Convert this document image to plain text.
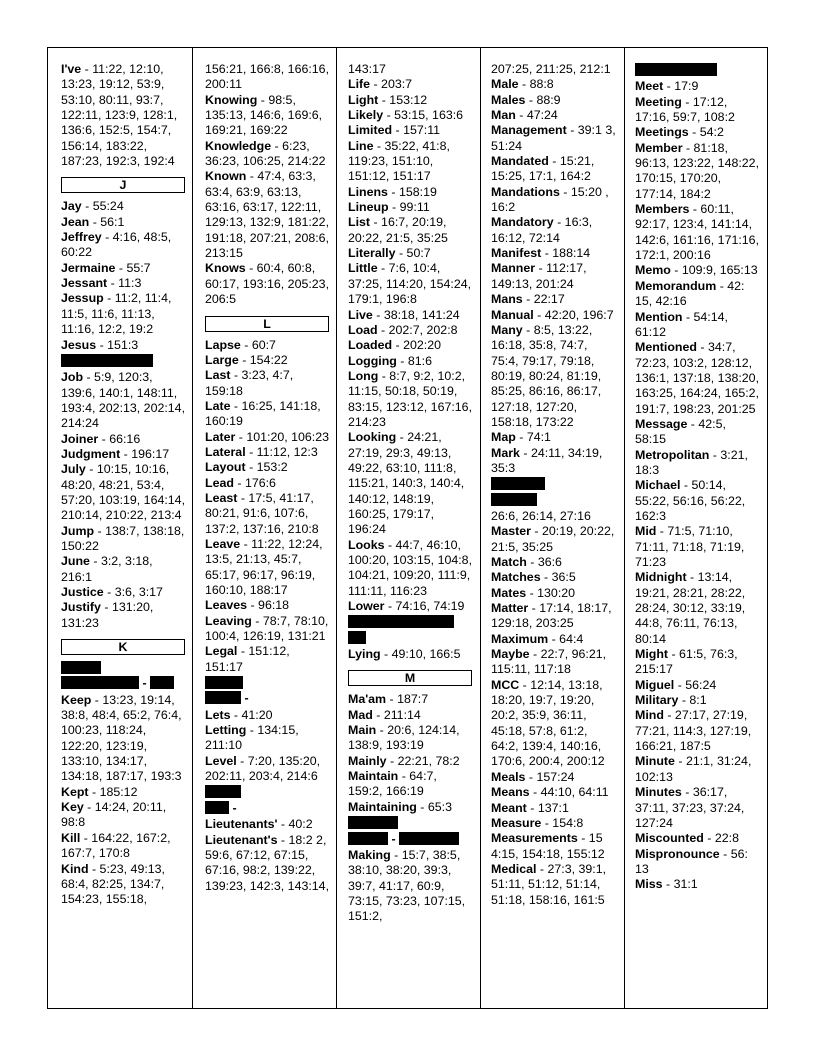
I've - 11:22, 12:10, 13:23, 19:12, 53:9, 53:10, 80:11, 93:7, 122:11, 123:9, 128:1, 136:6, 152:5, 154:7, 156:14, 183:22, 187:23, 192:3, 192:4

J

Jay - 55:24

Jean - 56:1

Jeffrey - 4:16, 48:5, 60:22

Jermaine - 55:7

Jessant - 11:3

Jessup - 11:2, 11:4, 11:5, 11:6, 11:13, 11:16, 12:2, 19:2

Jesus - 151:3

Job - 5:9, 120:3, 139:6, 140:1, 148:11, 193:4, 202:13, 202:14, 214:24

Joiner - 66:16

Judgment - 196:17

July - 10:15, 10:16, 48:20, 48:21, 53:4, 57:20, 103:19, 164:14, 210:14, 210:22, 213:4

Jump - 138:7, 138:18, 150:22

June - 3:2, 3:18, 216:1

Justice - 3:6, 3:17

Justify - 131:20, 131:23

K

-

Keep - 13:23, 19:14, 38:8, 48:4, 65:2, 76:4, 100:23, 118:24, 122:20, 123:19, 133:10, 134:17, 134:18, 187:17, 193:3

Kept - 185:12

Key - 14:24, 20:11, 98:8

Kill - 164:22, 167:2, 167:7, 170:8

Kind - 5:23, 49:13, 68:4, 82:25, 134:7, 154:23, 155:18,

156:21, 166:8, 166:16, 200:11

Knowing - 98:5, 135:13, 146:6, 169:6, 169:21, 169:22

Knowledge - 6:23, 36:23, 106:25, 214:22

Known - 47:4, 63:3, 63:4, 63:9, 63:13, 63:16, 63:17, 122:11, 129:13, 132:9, 181:22, 191:18, 207:21, 208:6, 213:15

Knows - 60:4, 60:8, 60:17, 193:16, 205:23, 206:5

L

Lapse - 60:7

Large - 154:22

Last - 3:23, 4:7, 159:18

Late - 16:25, 141:18, 160:19

Later - 101:20, 106:23

Lateral - 11:12, 12:3

Layout - 153:2

Lead - 176:6

Least - 17:5, 41:17, 80:21, 91:6, 107:6, 137:2, 137:16, 210:8

Leave - 11:22, 12:24, 13:5, 21:13, 45:7, 65:17, 96:17, 96:19, 160:10, 188:17

Leaves - 96:18

Leaving - 78:7, 78:10, 100:4, 126:19, 131:21

Legal - 151:12, 151:17

-

Lets - 41:20

Letting - 134:15, 211:10

Level - 7:20, 135:20, 202:11, 203:4, 214:6

-

Lieutenants' - 40:2

Lieutenant's - 18:2 2, 59:6, 67:12, 67:15, 67:16, 98:2, 139:22, 139:23, 142:3, 143:14,

143:17

Life - 203:7

Light - 153:12

Likely - 53:15, 163:6

Limited - 157:11

Line - 35:22, 41:8, 119:23, 151:10, 151:12, 151:17

Linens - 158:19

Lineup - 99:11

List - 16:7, 20:19, 20:22, 21:5, 35:25

Literally - 50:7

Little - 7:6, 10:4, 37:25, 114:20, 154:24, 179:1, 196:8

Live - 38:18, 141:24

Load - 202:7, 202:8

Loaded - 202:20

Logging - 81:6

Long - 8:7, 9:2, 10:2, 11:15, 50:18, 50:19, 83:15, 123:12, 167:16, 214:23

Looking - 24:21, 27:19, 29:3, 49:13, 49:22, 63:10, 111:8, 115:21, 140:3, 140:4, 140:12, 148:19, 160:25, 179:17, 196:24

Looks - 44:7, 46:10, 100:20, 103:15, 104:8, 104:21, 109:20, 111:9, 111:11, 116:23

Lower - 74:16, 74:19

Lying - 49:10, 166:5

M

Ma'am - 187:7

Mad - 211:14

Main - 20:6, 124:14, 138:9, 193:19

Mainly - 22:21, 78:2

Maintain - 64:7, 159:2, 166:19

Maintaining - 65:3

-

Making - 15:7, 38:5, 38:10, 38:20, 39:3, 39:7, 41:17, 60:9, 73:15, 73:23, 107:15, 151:2,

207:25, 211:25, 212:1

Male - 88:8

Males - 88:9

Man - 47:24

Management - 39:1 3, 51:24

Mandated - 15:21, 15:25, 17:1, 164:2

Mandations - 15:20 , 16:2

Mandatory - 16:3, 16:12, 72:14

Manifest - 188:14

Manner - 112:17, 149:13, 201:24

Mans - 22:17

Manual - 42:20, 196:7

Many - 8:5, 13:22, 16:18, 35:8, 74:7, 75:4, 79:17, 79:18, 80:19, 80:24, 81:19, 85:25, 86:16, 86:17, 127:18, 127:20, 158:18, 173:22

Map - 74:1

Mark - 24:11, 34:19, 35:3

26:6, 26:14, 27:16

Master - 20:19, 20:22, 21:5, 35:25

Match - 36:6

Matches - 36:5

Mates - 130:20

Matter - 17:14, 18:17, 129:18, 203:25

Maximum - 64:4

Maybe - 22:7, 96:21, 115:11, 117:18

MCC - 12:14, 13:18, 18:20, 19:7, 19:20, 20:2, 35:9, 36:11, 45:18, 57:8, 61:2, 64:2, 139:4, 140:16, 170:6, 200:4, 200:12

Meals - 157:24

Means - 44:10, 64:11

Meant - 137:1

Measure - 154:8

Measurements - 15 4:15, 154:18, 155:12

Medical - 27:3, 39:1, 51:11, 51:12, 51:14, 51:18, 158:16, 161:5

Meet - 17:9

Meeting - 17:12, 17:16, 59:7, 108:2

Meetings - 54:2

Member - 81:18, 96:13, 123:22, 148:22, 170:15, 170:20, 177:14, 184:2

Members - 60:11, 92:17, 123:4, 141:14, 142:6, 161:16, 171:16, 172:1, 200:16

Memo - 109:9, 165:13

Memorandum - 42: 15, 42:16

Mention - 54:14, 61:12

Mentioned - 34:7, 72:23, 103:2, 128:12, 136:1, 137:18, 138:20, 163:25, 164:24, 165:2, 191:7, 198:23, 201:25

Message - 42:5, 58:15

Metropolitan - 3:21, 18:3

Michael - 50:14, 55:22, 56:16, 56:22, 162:3

Mid - 71:5, 71:10, 71:11, 71:18, 71:19, 71:23

Midnight - 13:14, 19:21, 28:21, 28:22, 28:24, 30:12, 33:19, 44:8, 76:11, 76:13, 80:14

Might - 61:5, 76:3, 215:17

Miguel - 56:24

Military - 8:1

Mind - 27:17, 27:19, 77:21, 114:3, 127:19, 166:21, 187:5

Minute - 21:1, 31:24, 102:13

Minutes - 36:17, 37:11, 37:23, 37:24, 127:24

Miscounted - 22:8

Mispronounce - 56: 13

Miss - 31:1
